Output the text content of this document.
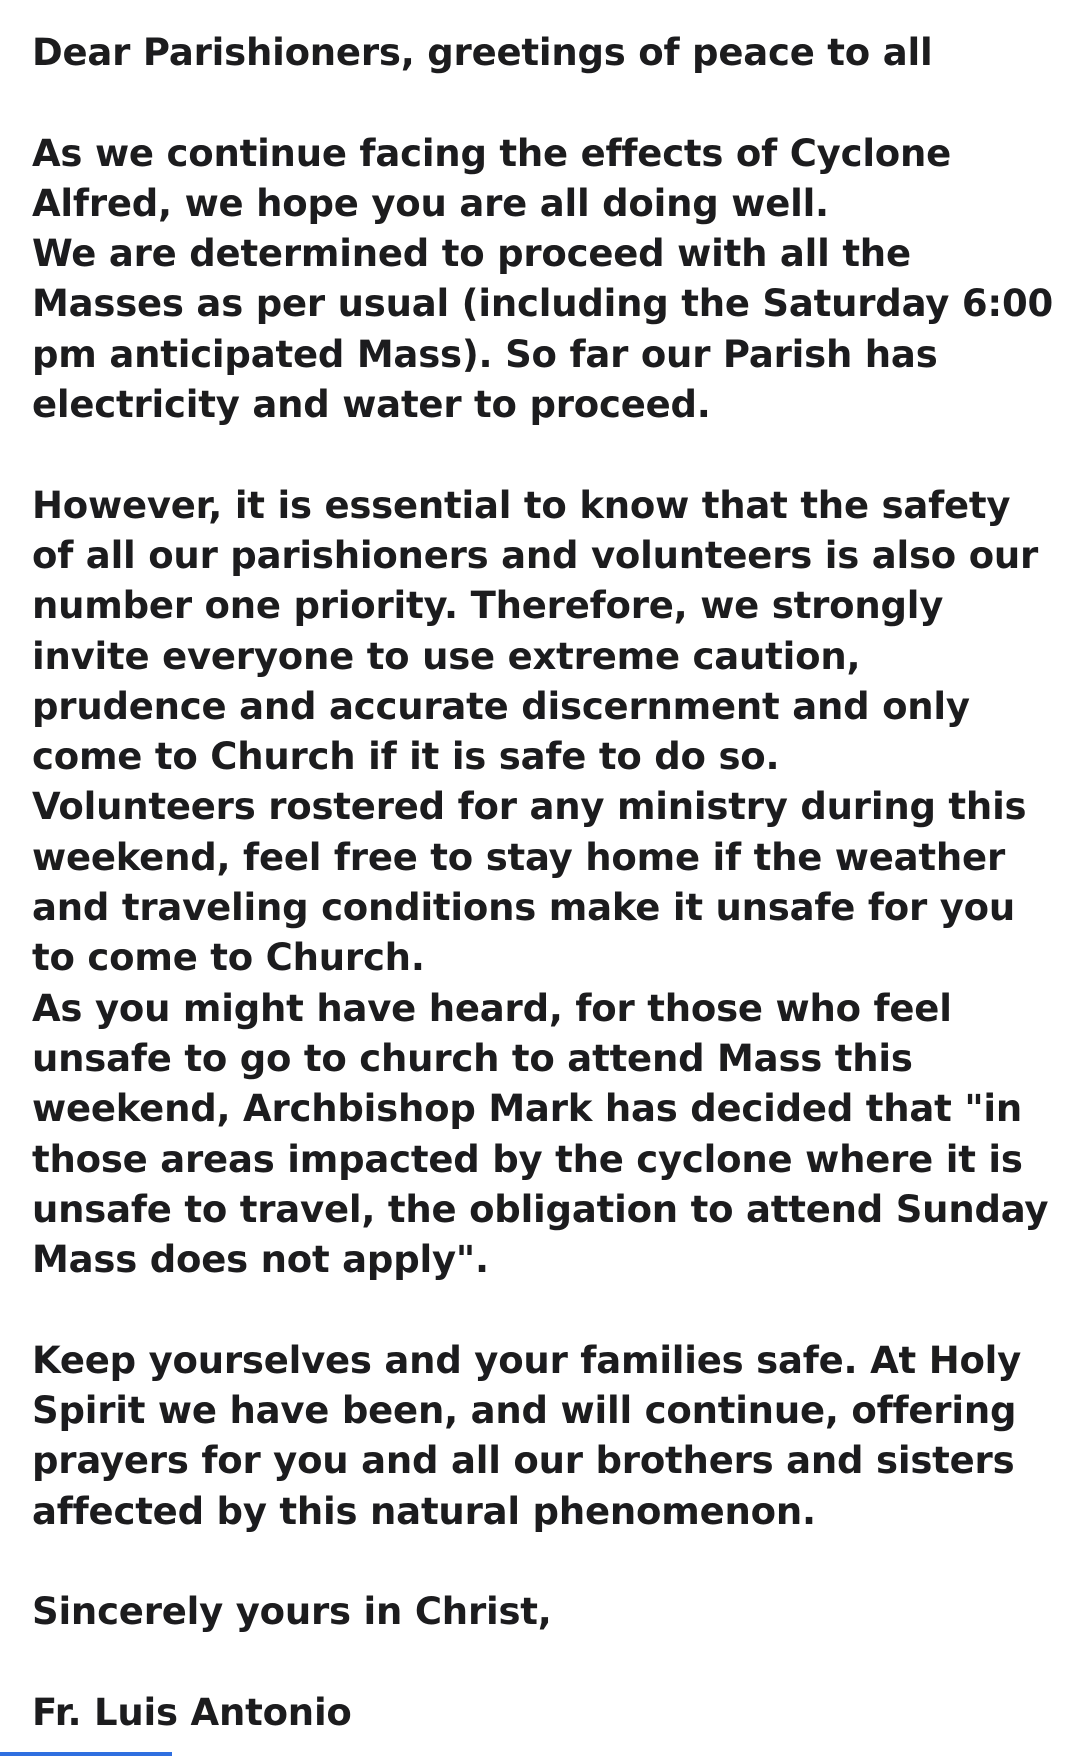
Dear Parishioners, greetings of peace to all

As we continue facing the effects of Cyclone Alfred, we hope you are all doing well.

We are determined to proceed with all the Masses as per usual (including the Saturday 6:00 pm anticipated Mass). So far our Parish has electricity and water to proceed.

However, it is essential to know that the safety of all our parishioners and volunteers is also our number one priority. Therefore, we strongly invite everyone to use extreme caution, prudence and accurate discernment and only come to Church if it is safe to do so.

Volunteers rostered for any ministry during this weekend, feel free to stay home if the weather and traveling conditions make it unsafe for you to come to Church.

As you might have heard, for those who feel unsafe to go to church to attend Mass this weekend, Archbishop Mark has decided that "in those areas impacted by the cyclone where it is unsafe to travel, the obligation to attend Sunday Mass does not apply".

Keep yourselves and your families safe. At Holy Spirit we have been, and will continue, offering prayers for you and all our brothers and sisters affected by this natural phenomenon.

Sincerely yours in Christ,

Fr. Luis Antonio
